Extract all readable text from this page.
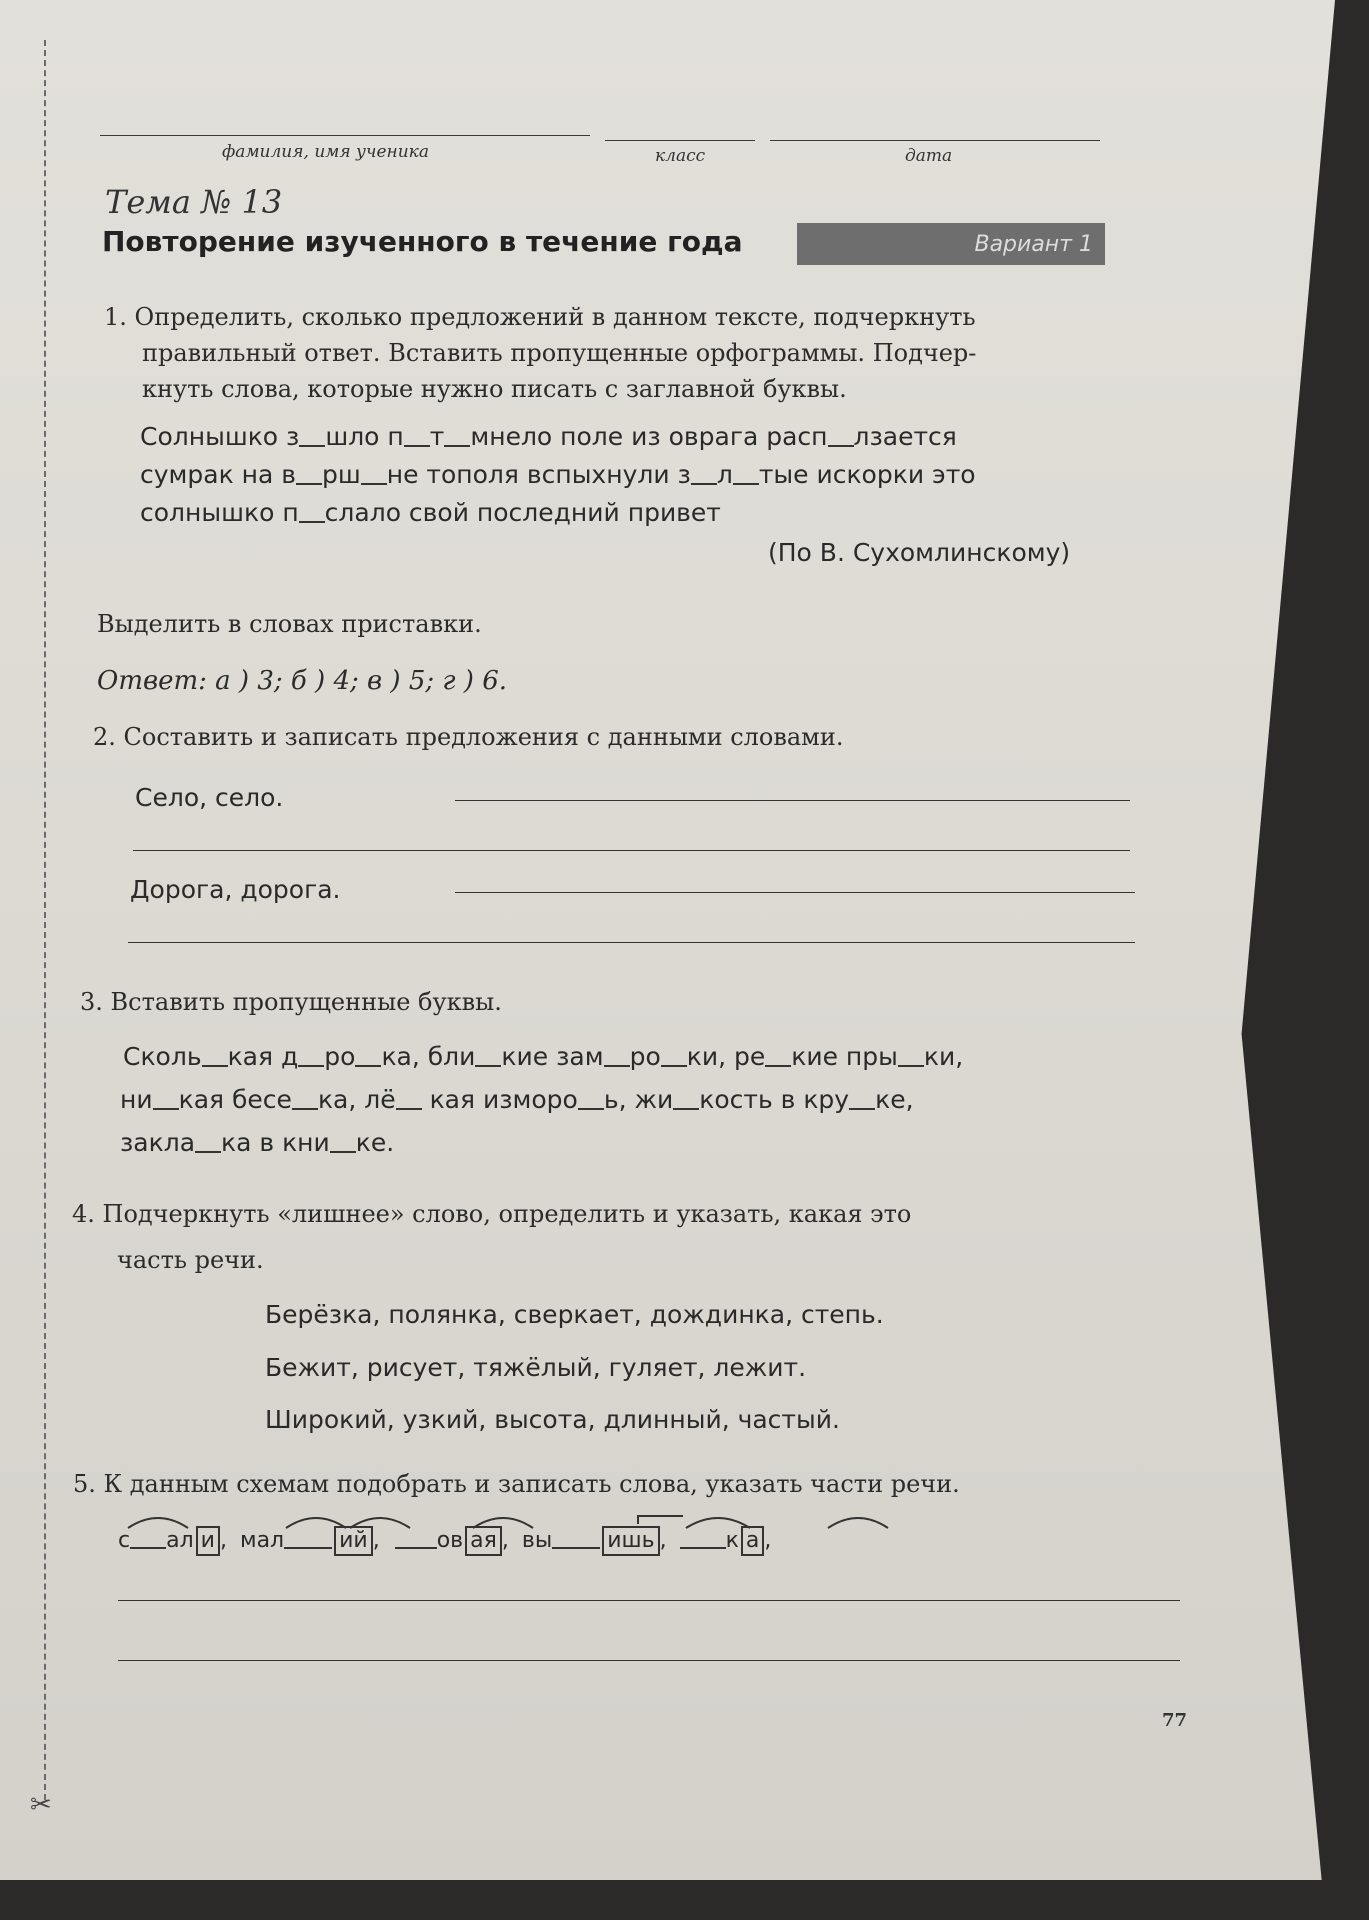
✂
фамилия, имя ученика	класс	дата
Тема № 13
Повторение изученного в течение года	Вариант 1
1. Определить, сколько предложений в данном тексте, подчеркнуть
правильный ответ. Вставить пропущенные орфограммы. Подчер-
кнуть слова, которые нужно писать с заглавной буквы.
Солнышко з шло п т мнело поле из оврага расп лзается
сумрак на в рш не тополя вспыхнули з л тые искорки это
солнышко п слало свой последний привет
(По В. Сухомлинскому)
Выделить в словах приставки.
Ответ: а ) 3; б ) 4; в ) 5; г ) 6.
2. Составить и записать предложения с данными словами.
Село, село.
Дорога, дорога.
3. Вставить пропущенные буквы.
Сколь кая д ро ка, бли кие зам ро ки, ре кие пры ки,
ни кая бесе ка, лё кая изморо ь, жи кость в кру ке,
закла ка в кни ке.
4. Подчеркнуть «лишнее» слово, определить и указать, какая это
часть речи.
Берёзка, полянка, сверкает, дождинка, степь.
Бежит, рисует, тяжёлый, гуляет, лежит.
Широкий, узкий, высота, длинный, частый.
5. К данным схемам подобрать и записать слова, указать части речи.
с ал и , мал	ий ,	ов ая , вы	ишь ,	к а ,
77
